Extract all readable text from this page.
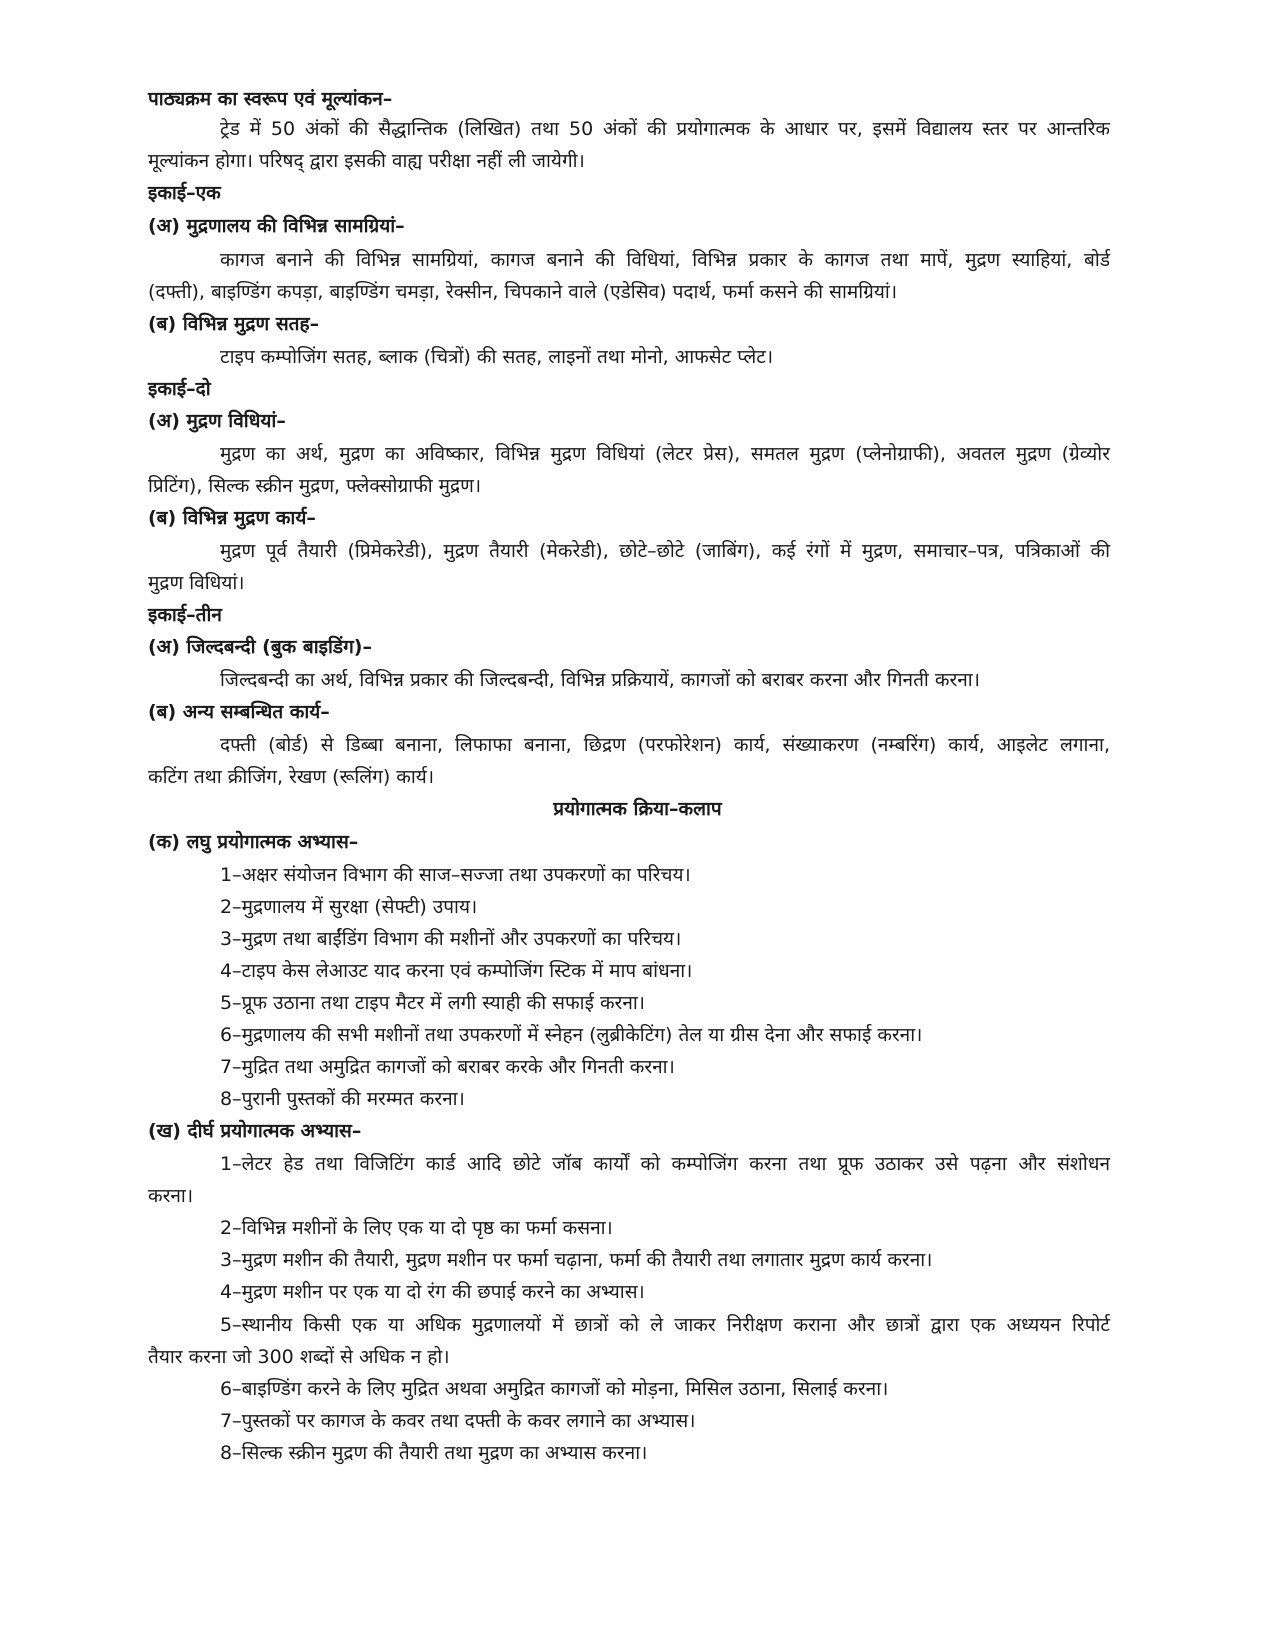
पाठ्यक्रम का स्वरूप एवं मूल्यांकन–
ट्रेड में 50 अंकों की सैद्धान्तिक (लिखित) तथा 50 अंकों की प्रयोगात्मक के आधार पर, इसमें विद्यालय स्तर पर आन्तरिक
मूल्यांकन होगा। परिषद् द्वारा इसकी वाह्य परीक्षा नहीं ली जायेगी।
इकाई–एक
(अ) मुद्रणालय की विभिन्न सामग्रियां–
कागज बनाने की विभिन्न सामग्रियां, कागज बनाने की विधियां, विभिन्न प्रकार के कागज तथा मापें, मुद्रण स्याहियां, बोर्ड
(दफ्ती), बाइण्डिंग कपड़ा, बाइण्डिंग चमड़ा, रेक्सीन, चिपकाने वाले (एडेसिव) पदार्थ, फर्मा कसने की सामग्रियां।
(ब) विभिन्न मुद्रण सतह–
टाइप कम्पोजिंग सतह, ब्लाक (चित्रों) की सतह, लाइनों तथा मोनो, आफसेट प्लेट।
इकाई–दो
(अ) मुद्रण विधियां–
मुद्रण का अर्थ, मुद्रण का अविष्कार, विभिन्न मुद्रण विधियां (लेटर प्रेस), समतल मुद्रण (प्लेनोग्राफी), अवतल मुद्रण (ग्रेव्योर
प्रिटिंग), सिल्क स्क्रीन मुद्रण, फ्लेक्सोग्राफी मुद्रण।
(ब) विभिन्न मुद्रण कार्य–
मुद्रण पूर्व तैयारी (प्रिमेकरेडी), मुद्रण तैयारी (मेकरेडी), छोटे–छोटे (जाबिंग), कई रंगों में मुद्रण, समाचार–पत्र, पत्रिकाओं की
मुद्रण विधियां।
इकाई–तीन
(अ) जिल्दबन्दी (बुक बाइडिंग)–
जिल्दबन्दी का अर्थ, विभिन्न प्रकार की जिल्दबन्दी, विभिन्न प्रक्रियायें, कागजों को बराबर करना और गिनती करना।
(ब) अन्य सम्बन्धित कार्य–
दफ्ती (बोर्ड) से डिब्बा बनाना, लिफाफा बनाना, छिद्रण (परफोरेशन) कार्य, संख्याकरण (नम्बरिंग) कार्य, आइलेट लगाना,
कटिंग तथा क्रीजिंग, रेखण (रूलिंग) कार्य।
प्रयोगात्मक क्रिया–कलाप
(क) लघु प्रयोगात्मक अभ्यास–
1–अक्षर संयोजन विभाग की साज–सज्जा तथा उपकरणों का परिचय।
2–मुद्रणालय में सुरक्षा (सेफ्टी) उपाय।
3–मुद्रण तथा बाईंडिंग विभाग की मशीनों और उपकरणों का परिचय।
4–टाइप केस लेआउट याद करना एवं कम्पोजिंग स्टिक में माप बांधना।
5–प्रूफ उठाना तथा टाइप मैटर में लगी स्याही की सफाई करना।
6–मुद्रणालय की सभी मशीनों तथा उपकरणों में स्नेहन (लुब्रीकेटिंग) तेल या ग्रीस देना और सफाई करना।
7–मुद्रित तथा अमुद्रित कागजों को बराबर करके और गिनती करना।
8–पुरानी पुस्तकों की मरम्मत करना।
(ख) दीर्घ प्रयोगात्मक अभ्यास–
1–लेटर हेड तथा विजिटिंग कार्ड आदि छोटे जॉब कार्यों को कम्पोजिंग करना तथा प्रूफ उठाकर उसे पढ़ना और संशोधन
करना।
2–विभिन्न मशीनों के लिए एक या दो पृष्ठ का फर्मा कसना।
3–मुद्रण मशीन की तैयारी, मुद्रण मशीन पर फर्मा चढ़ाना, फर्मा की तैयारी तथा लगातार मुद्रण कार्य करना।
4–मुद्रण मशीन पर एक या दो रंग की छपाई करने का अभ्यास।
5–स्थानीय किसी एक या अधिक मुद्रणालयों में छात्रों को ले जाकर निरीक्षण कराना और छात्रों द्वारा एक अध्ययन रिपोर्ट
तैयार करना जो 300 शब्दों से अधिक न हो।
6–बाइण्डिंग करने के लिए मुद्रित अथवा अमुद्रित कागजों को मोड़ना, मिसिल उठाना, सिलाई करना।
7–पुस्तकों पर कागज के कवर तथा दफ्ती के कवर लगाने का अभ्यास।
8–सिल्क स्क्रीन मुद्रण की तैयारी तथा मुद्रण का अभ्यास करना।
